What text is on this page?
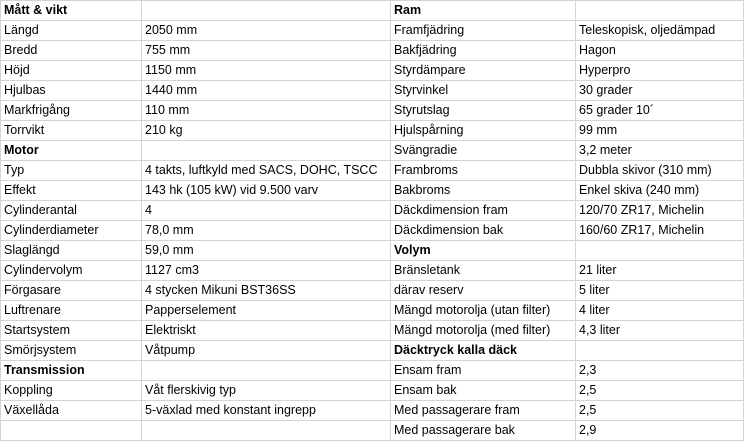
Mått & vikt		Ram	
Längd	2050 mm	Framfjädring	Teleskopisk, oljedämpad
Bredd	755 mm	Bakfjädring	Hagon
Höjd	1150 mm	Styrdämpare	Hyperpro
Hjulbas	1440 mm	Styrvinkel	30 grader
Markfrigång	110 mm	Styrutslag	65 grader 10´
Torrvikt	210 kg	Hjulspårning	99 mm
Motor		Svängradie	3,2 meter
Typ	4 takts, luftkyld med SACS, DOHC, TSCC	Frambroms	Dubbla skivor (310 mm)
Effekt	143 hk (105 kW) vid 9.500 varv	Bakbroms	Enkel skiva (240 mm)
Cylinderantal	4	Däckdimension fram	120/70 ZR17, Michelin
Cylinderdiameter	78,0 mm	Däckdimension bak	160/60 ZR17, Michelin
Slaglängd	59,0 mm	Volym	
Cylindervolym	1127 cm3	Bränsletank	21 liter
Förgasare	4 stycken Mikuni BST36SS	därav reserv	5 liter
Luftrenare	Papperselement	Mängd motorolja (utan filter)	4 liter
Startsystem	Elektriskt	Mängd motorolja (med filter)	4,3 liter
Smörjsystem	Våtpump	Däcktryck kalla däck	
Transmission		Ensam fram	2,3
Koppling	Våt flerskivig typ	Ensam bak	2,5
Växellåda	5-växlad med konstant ingrepp	Med passagerare fram	2,5
		Med passagerare bak	2,9
